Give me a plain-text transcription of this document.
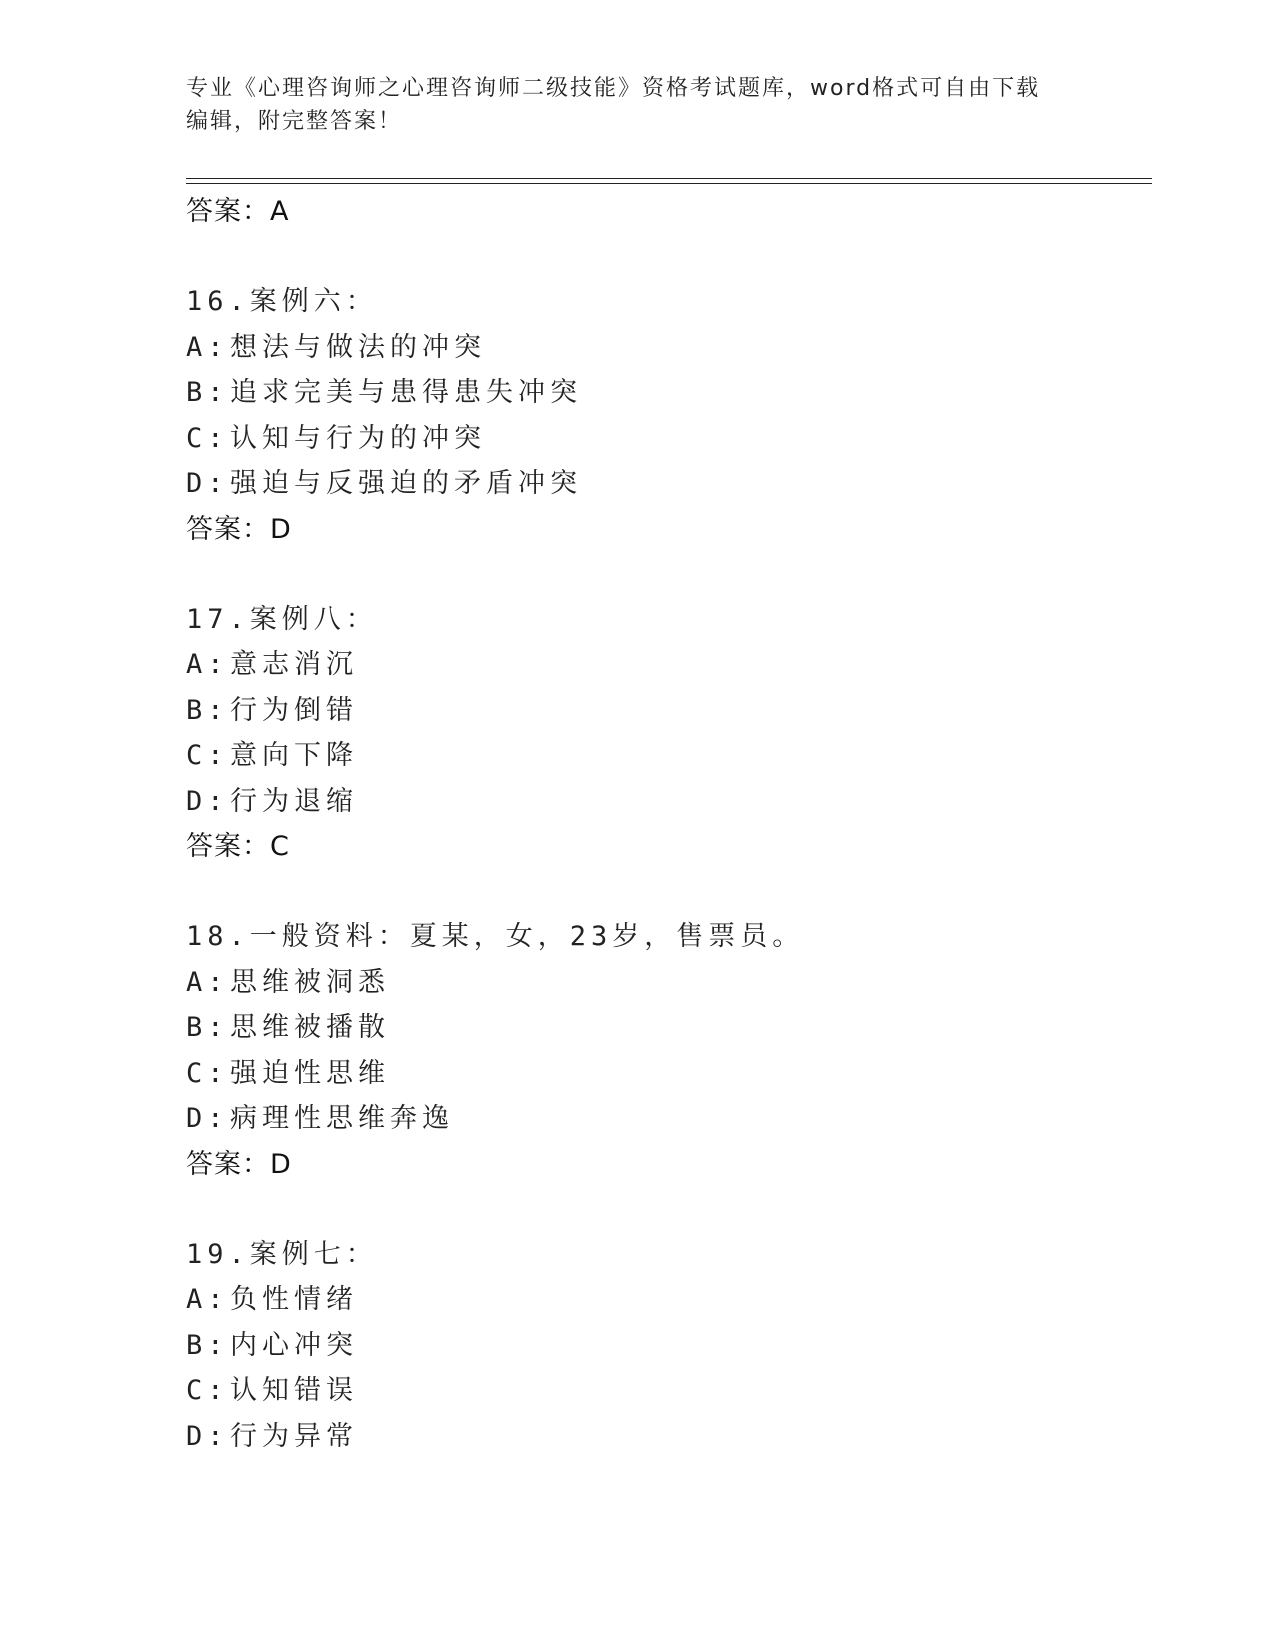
专业《心理咨询师之心理咨询师二级技能》资格考试题库，word格式可自由下载
编辑，附完整答案！
答案：A
16.案例六：
A:想法与做法的冲突
B:追求完美与患得患失冲突
C:认知与行为的冲突
D:强迫与反强迫的矛盾冲突
答案：D
17.案例八：
A:意志消沉
B:行为倒错
C:意向下降
D:行为退缩
答案：C
18.一般资料：夏某，女，23岁，售票员。
A:思维被洞悉
B:思维被播散
C:强迫性思维
D:病理性思维奔逸
答案：D
19.案例七：
A:负性情绪
B:内心冲突
C:认知错误
D:行为异常
